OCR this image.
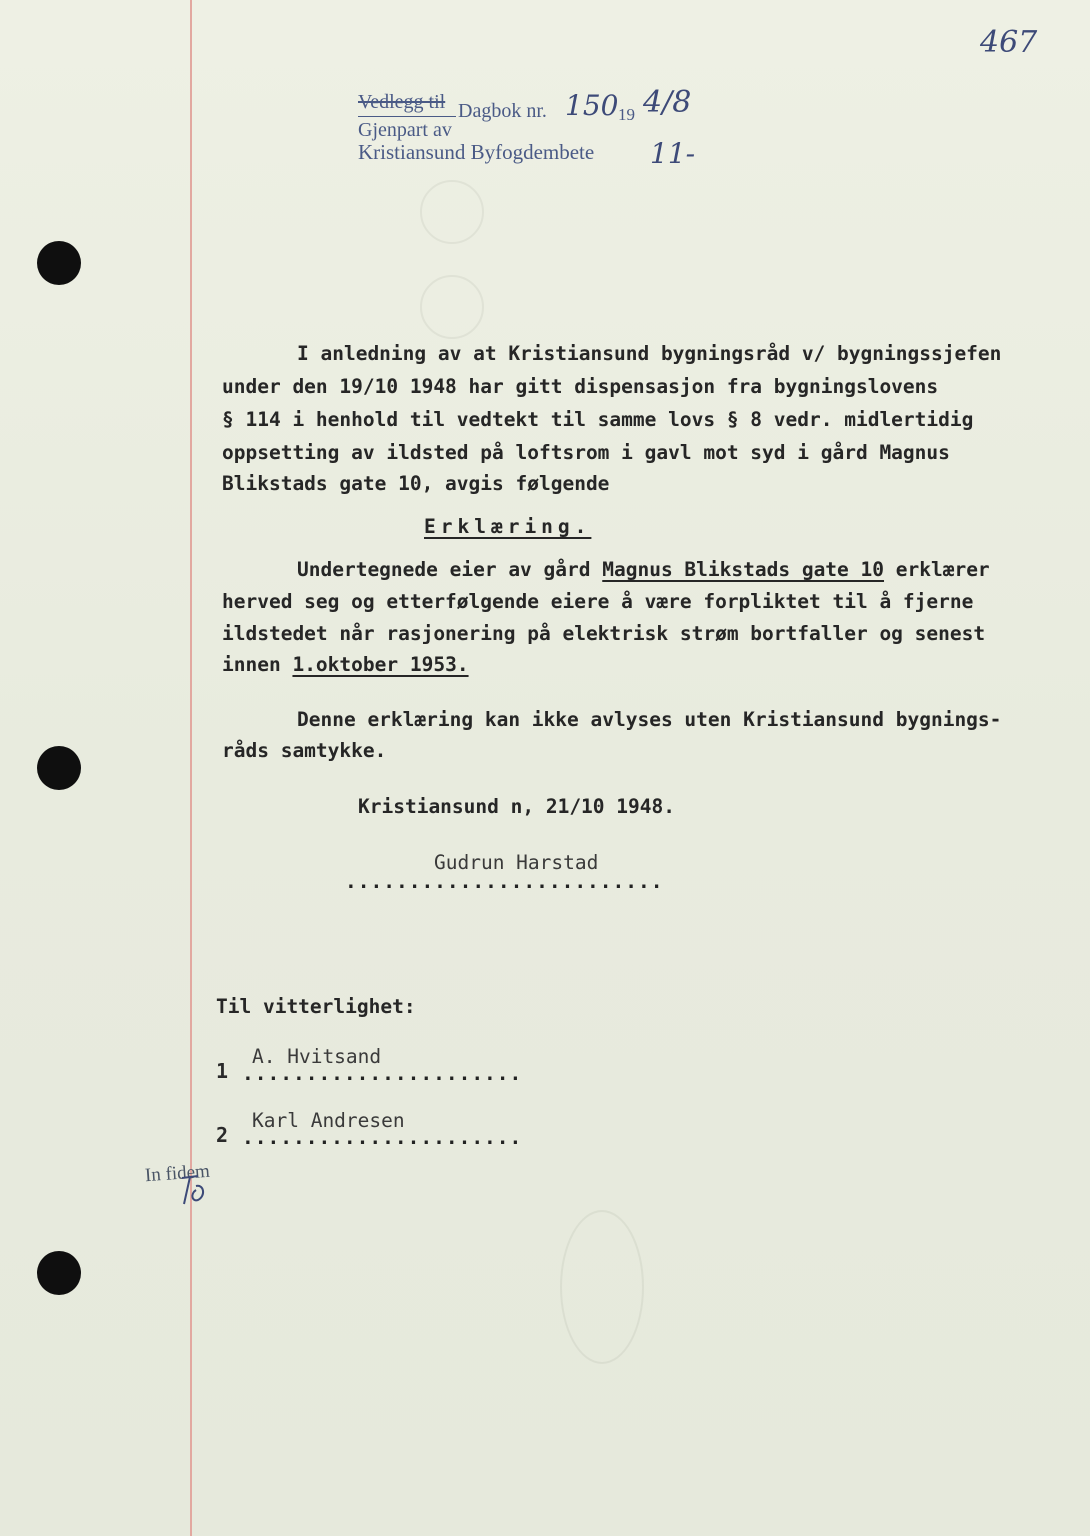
467
Vedlegg til Dagbok nr. 150 19 4/8
Gjenpart av
Kristiansund Byfogdembete 11-
I anledning av at Kristiansund bygningsråd v/ bygningssjefen
under den 19/10 1948 har gitt dispensasjon fra bygningslovens
§ 114 i henhold til vedtekt til samme lovs § 8 vedr. midlertidig
oppsetting av ildsted på loftsrom i gavl mot syd i gård Magnus
Blikstads gate 10, avgis følgende
Erklæring.
Undertegnede eier av gård Magnus Blikstads gate 10 erklærer
herved seg og etterfølgende eiere å være forpliktet til å fjerne
ildstedet når rasjonering på elektrisk strøm bortfaller og senest
innen 1.oktober 1953.
Denne erklæring kan ikke avlyses uten Kristiansund bygnings-
råds samtykke.
Kristiansund n, 21/10 1948.
Gudrun Harstad
.........................
Til vitterlighet:
A. Hvitsand
1 ......................
Karl Andresen
2 ......................
In fidem
